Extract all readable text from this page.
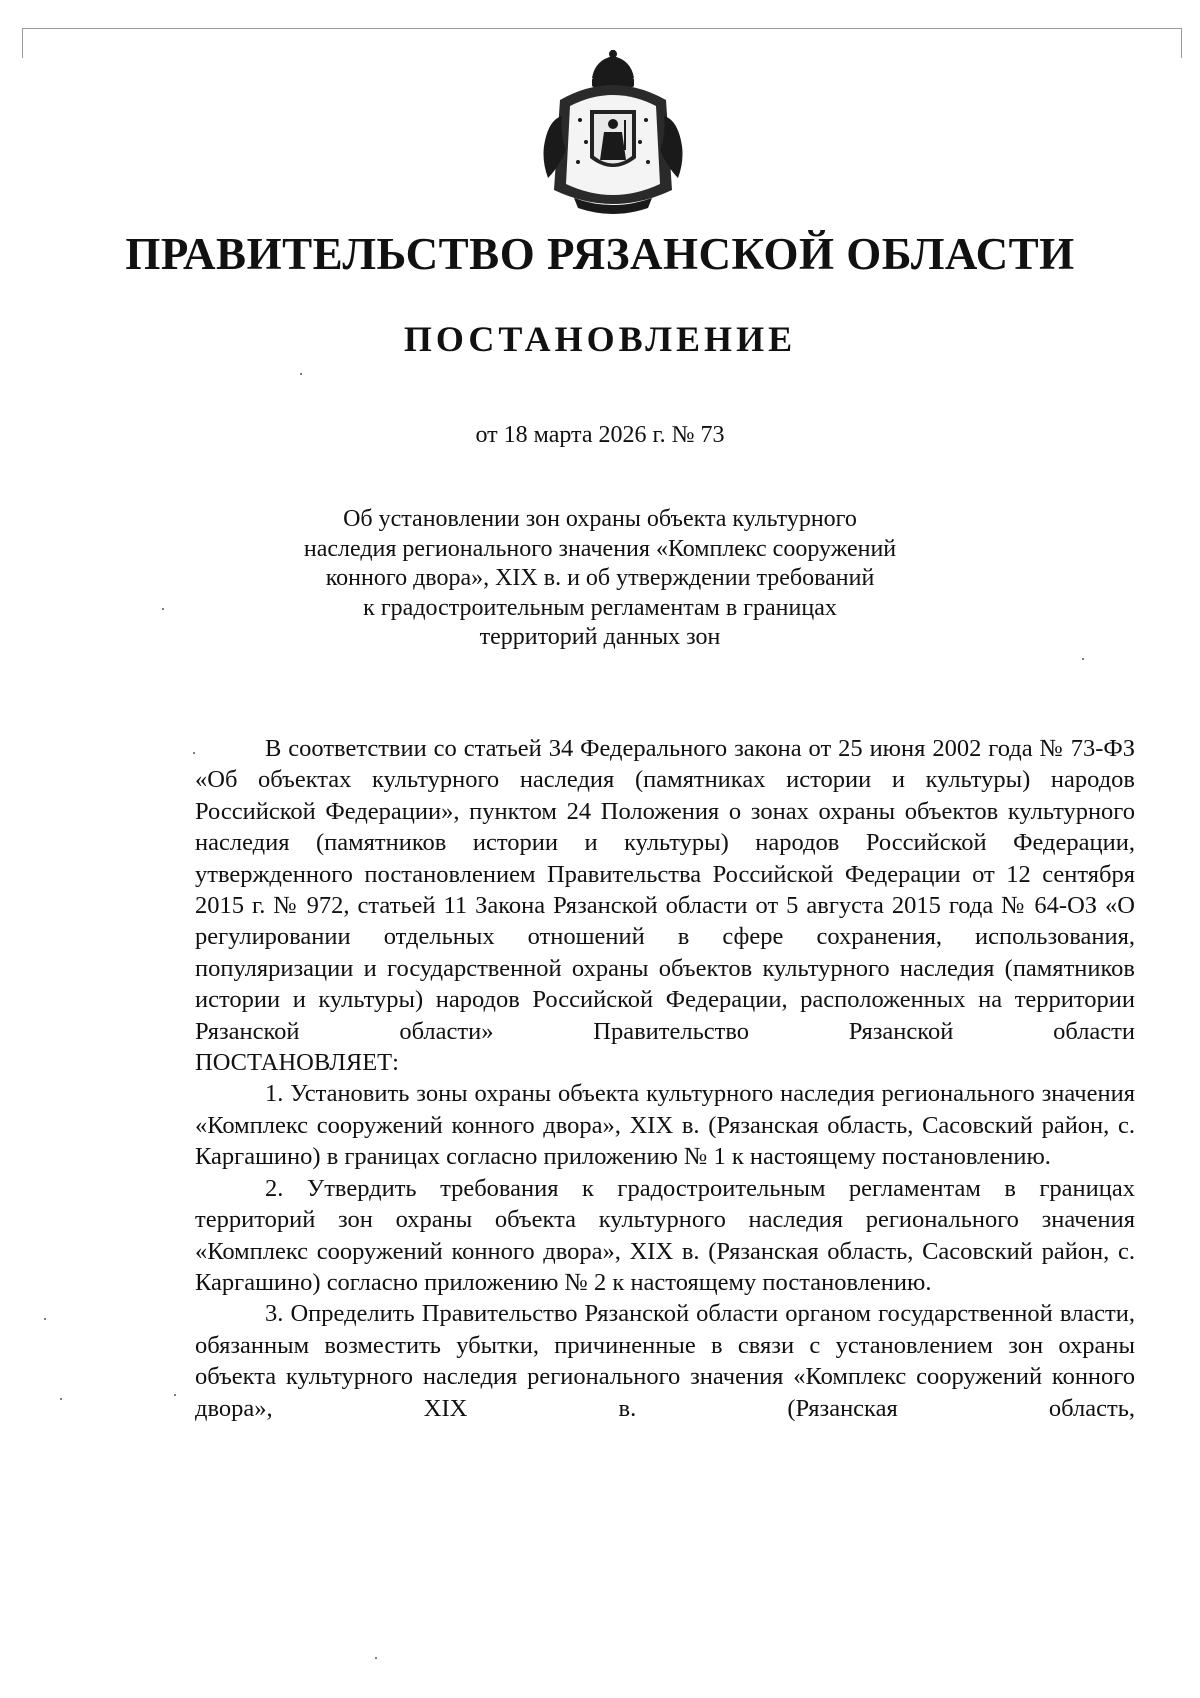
ПРАВИТЕЛЬСТВО РЯЗАНСКОЙ ОБЛАСТИ
ПОСТАНОВЛЕНИЕ
от 18 марта 2026 г. № 73
Об установлении зон охраны объекта культурного
наследия регионального значения «Комплекс сооружений
конного двора», XIX в. и об утверждении требований
к градостроительным регламентам в границах
территорий данных зон

В соответствии со статьей 34 Федерального закона от 25 июня 2002 года № 73-ФЗ «Об объектах культурного наследия (памятниках истории и культуры) народов Российской Федерации», пунктом 24 Положения о зонах охраны объектов культурного наследия (памятников истории и культуры) народов Российской Федерации, утвержденного постановлением Правительства Российской Федерации от 12 сентября 2015 г. № 972, статьей 11 Закона Рязанской области от 5 августа 2015 года № 64-ОЗ «О регулировании отдельных отношений в сфере сохранения, использования, популяризации и государственной охраны объектов культурного наследия (памятников истории и культуры) народов Российской Федерации, расположенных на территории Рязанской области» Правительство Рязанской области

ПОСТАНОВЛЯЕТ:

1. Установить зоны охраны объекта культурного наследия регионального значения «Комплекс сооружений конного двора», XIX в. (Рязанская область, Сасовский район, с. Каргашино) в границах согласно приложению № 1 к настоящему постановлению.

2. Утвердить требования к градостроительным регламентам в границах территорий зон охраны объекта культурного наследия регионального значения «Комплекс сооружений конного двора», XIX в. (Рязанская область, Сасовский район, с. Каргашино) согласно приложению № 2 к настоящему постановлению.

3. Определить Правительство Рязанской области органом государственной власти, обязанным возместить убытки, причиненные в связи с установлением зон охраны объекта культурного наследия регионального значения «Комплекс сооружений конного двора», XIX в. (Рязанская область,
